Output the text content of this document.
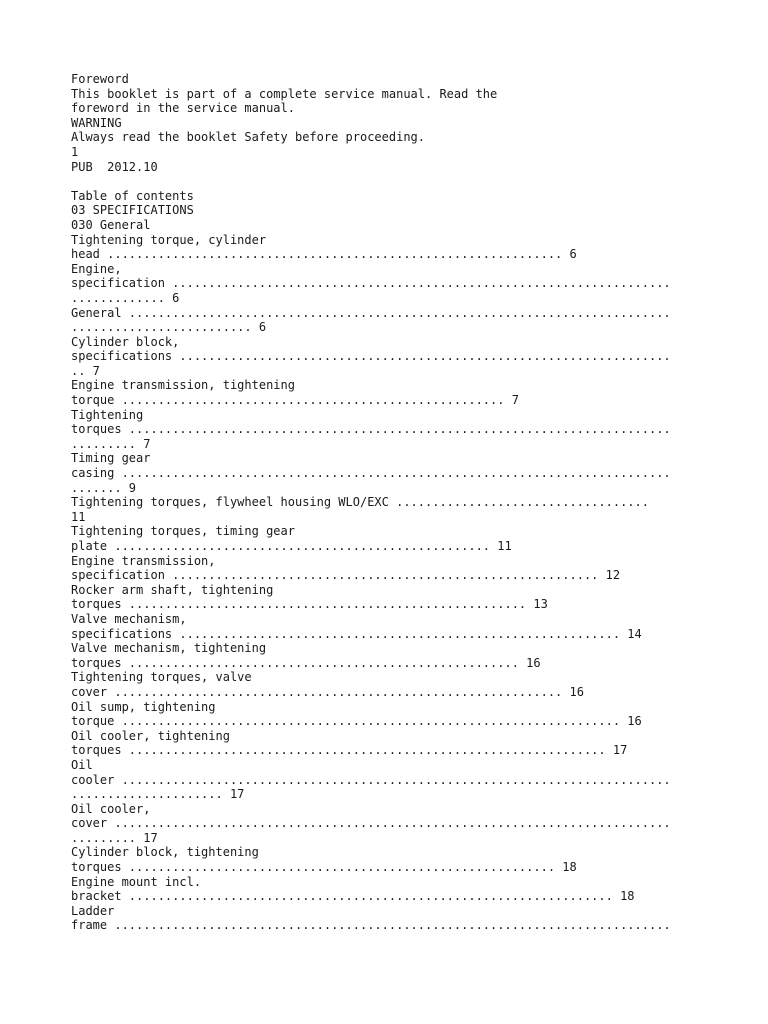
Foreword
This booklet is part of a complete service manual. Read the
foreword in the service manual.
WARNING
Always read the booklet Safety before proceeding.
1
PUB  2012.10
Table of contents
03 SPECIFICATIONS
030 General
Tightening torque, cylinder
head ............................................................... 6
Engine,
specification .....................................................................
............. 6
General ...........................................................................
......................... 6
Cylinder block,
specifications ....................................................................
.. 7
Engine transmission, tightening
torque ..................................................... 7
Tightening
torques ...........................................................................
......... 7
Timing gear
casing ............................................................................
....... 9
Tightening torques, flywheel housing WLO/EXC ...................................
11
Tightening torques, timing gear
plate .................................................... 11
Engine transmission,
specification ........................................................... 12
Rocker arm shaft, tightening
torques ....................................................... 13
Valve mechanism,
specifications ............................................................. 14
Valve mechanism, tightening
torques ...................................................... 16
Tightening torques, valve
cover .............................................................. 16
Oil sump, tightening
torque ..................................................................... 16
Oil cooler, tightening
torques .................................................................. 17
Oil
cooler ............................................................................
..................... 17
Oil cooler,
cover .............................................................................
......... 17
Cylinder block, tightening
torques ........................................................... 18
Engine mount incl.
bracket ................................................................... 18
Ladder
frame .............................................................................
